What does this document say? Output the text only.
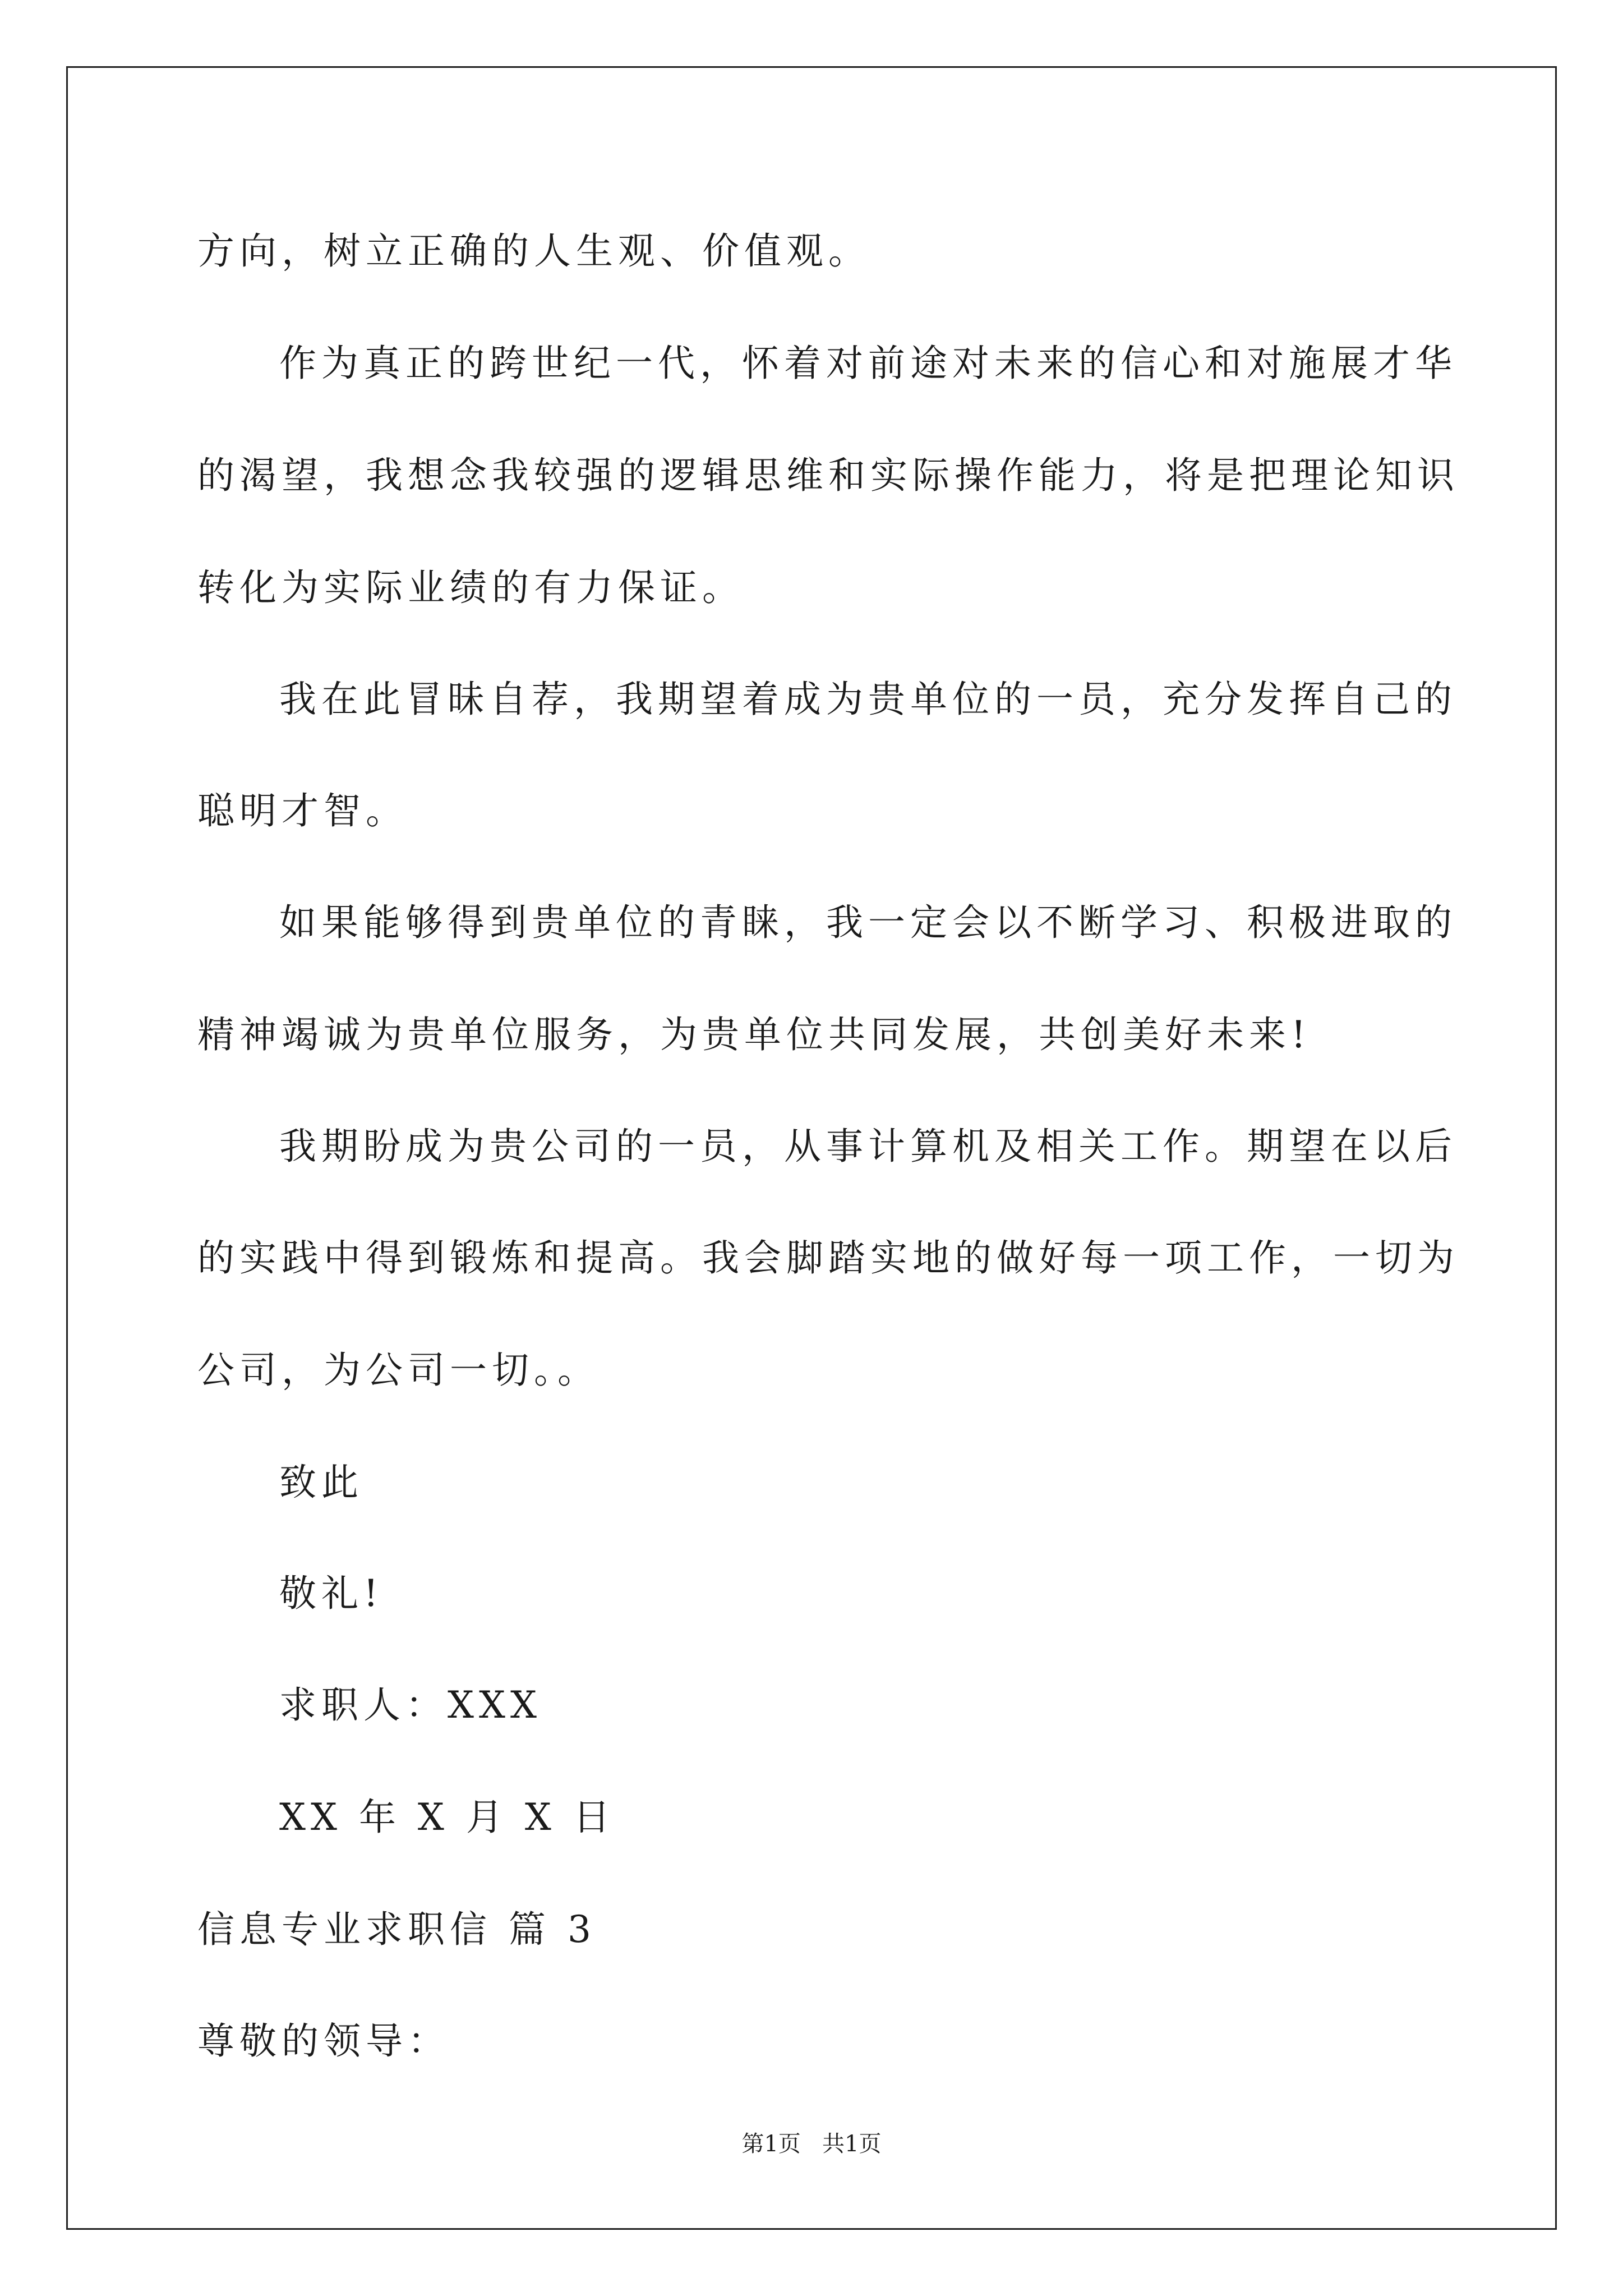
方向，树立正确的人生观、价值观。
作为真正的跨世纪一代，怀着对前途对未来的信心和对施展才华
的渴望，我想念我较强的逻辑思维和实际操作能力，将是把理论知识
转化为实际业绩的有力保证。
我在此冒昧自荐，我期望着成为贵单位的一员，充分发挥自己的
聪明才智。
如果能够得到贵单位的青睐，我一定会以不断学习、积极进取的
精神竭诚为贵单位服务，为贵单位共同发展，共创美好未来!
我期盼成为贵公司的一员，从事计算机及相关工作。期望在以后
的实践中得到锻炼和提高。我会脚踏实地的做好每一项工作，一切为
公司，为公司一切。。
致此
敬礼!
求职人：XXX
XX 年 X 月 X 日
信息专业求职信 篇 3
尊敬的领导：
第1页   共1页
